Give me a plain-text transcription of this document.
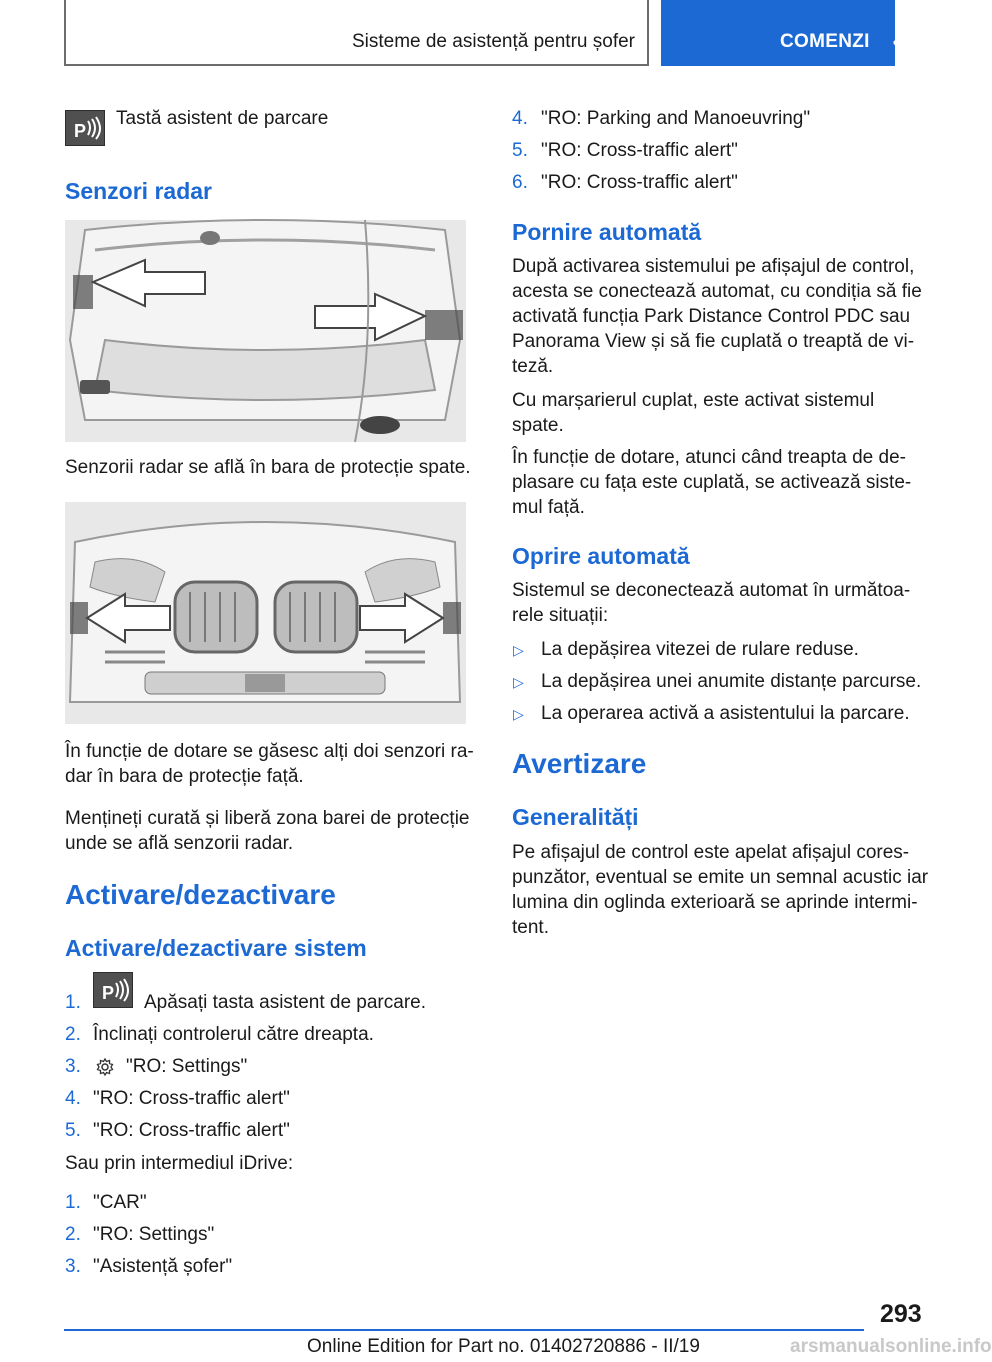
Sisteme de asistență pentru șofer	COMENZI
P
Tastă asistent de parcare
Senzori radar
Senzorii radar se află în bara de protecție spate.
În funcție de dotare se găsesc alți doi senzori ra-
dar în bara de protecție față.
Mențineți curată și liberă zona barei de protecție
unde se află senzorii radar.
Activare/dezactivare
Activare/dezactivare sistem
1. P Apăsați tasta asistent de parcare.
2. Înclinați controlerul către dreapta.
3. "RO: Settings"
4. "RO: Cross-traffic alert"
5. "RO: Cross-traffic alert"
Sau prin intermediul iDrive:
1. "CAR"
2. "RO: Settings"
3. "Asistență șofer"
4. "RO: Parking and Manoeuvring"
5. "RO: Cross-traffic alert"
6. "RO: Cross-traffic alert"
Pornire automată
După activarea sistemului pe afișajul de control,
acesta se conectează automat, cu condiția să fie
activată funcția Park Distance Control PDC sau
Panorama View și să fie cuplată o treaptă de vi-
teză.
Cu marșarierul cuplat, este activat sistemul
spate.
În funcție de dotare, atunci când treapta de de-
plasare cu fața este cuplată, se activează siste-
mul față.
Oprire automată
Sistemul se deconectează automat în următoa-
rele situații:
▷ La depășirea vitezei de rulare reduse.
▷ La depășirea unei anumite distanțe parcurse.
▷ La operarea activă a asistentului la parcare.
Avertizare
Generalități
Pe afișajul de control este apelat afișajul cores-
punzător, eventual se emite un semnal acustic iar
lumina din oglinda exterioară se aprinde intermi-
tent.
293
Online Edition for Part no. 01402720886 - II/19	arsmanualsonline.info
